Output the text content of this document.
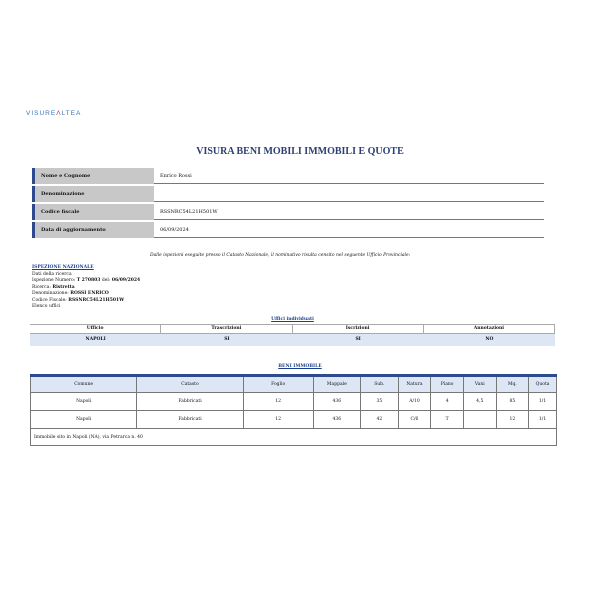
VISUREΛLTEA
VISURA BENI MOBILI IMMOBILI E QUOTE
Nome e Cognome	Enrico Rossi
Denominazione
Codice fiscale	RSSNRC54L21H501W
Data di aggiornamento	06/09/2024
Dalle ispezioni eseguite presso il Catasto Nazionale, il nominativo risulta censito nel seguente Ufficio Provinciale:
ISPEZIONE NAZIONALE
Dati della ricerca
Ispezione Numero: T 270803 del: 06/09/2024
Ricerca: Ristretta
Denominazione: ROSSI ENRICO
Codice Fiscale: RSSNRC54L21H501W
Elenco uffici
Uffici individuati
Ufficio	Trascrizioni	Iscrizioni	Annotazioni
NAPOLI	SI	SI	NO
BENI IMMOBILE
Comune	Catasto	Foglio	Mappale	Sub.	Natura	Piano	Vani	Mq.	Quota
Napoli	Fabbricati	12	436	35	A/10	4	4,5	85	1/1
Napoli	Fabbricati	12	436	42	C/6	T		12	1/1
Immobile sito in Napoli (NA), via Petrarca n. 40									
